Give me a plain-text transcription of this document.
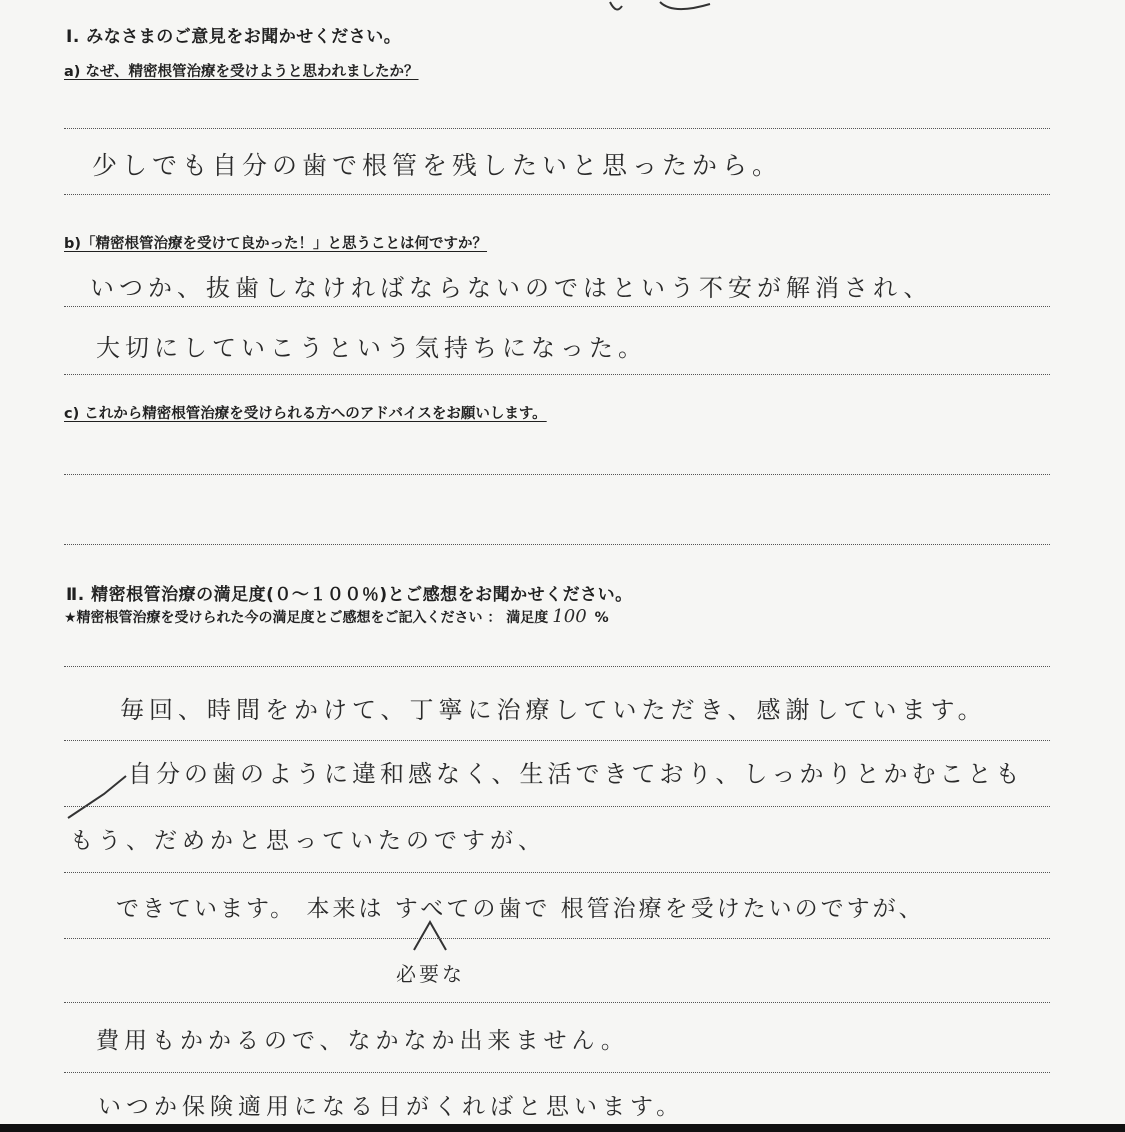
Ⅰ. みなさまのご意見をお聞かせください。
a) なぜ、精密根管治療を受けようと思われましたか？
少しでも自分の歯で根管を残したいと思ったから。
b)「精密根管治療を受けて良かった！」と思うことは何ですか？
いつか、抜歯しなければならないのではという不安が解消され、
大切にしていこうという気持ちになった。
c) これから精密根管治療を受けられる方へのアドバイスをお願いします。
Ⅱ. 精密根管治療の満足度(０～１００％)とご感想をお聞かせください。
★精密根管治療を受けられた今の満足度とご感想をご記入ください ： 満足度 100 %
毎回、時間をかけて、丁寧に治療していただき、感謝しています。
自分の歯のように違和感なく、生活できており、しっかりとかむことも
もう、だめかと思っていたのですが、
できています。 本来は すべての歯で 根管治療を受けたいのですが、
必要な
費用もかかるので、なかなか出来ません。
いつか保険適用になる日がくればと思います。
